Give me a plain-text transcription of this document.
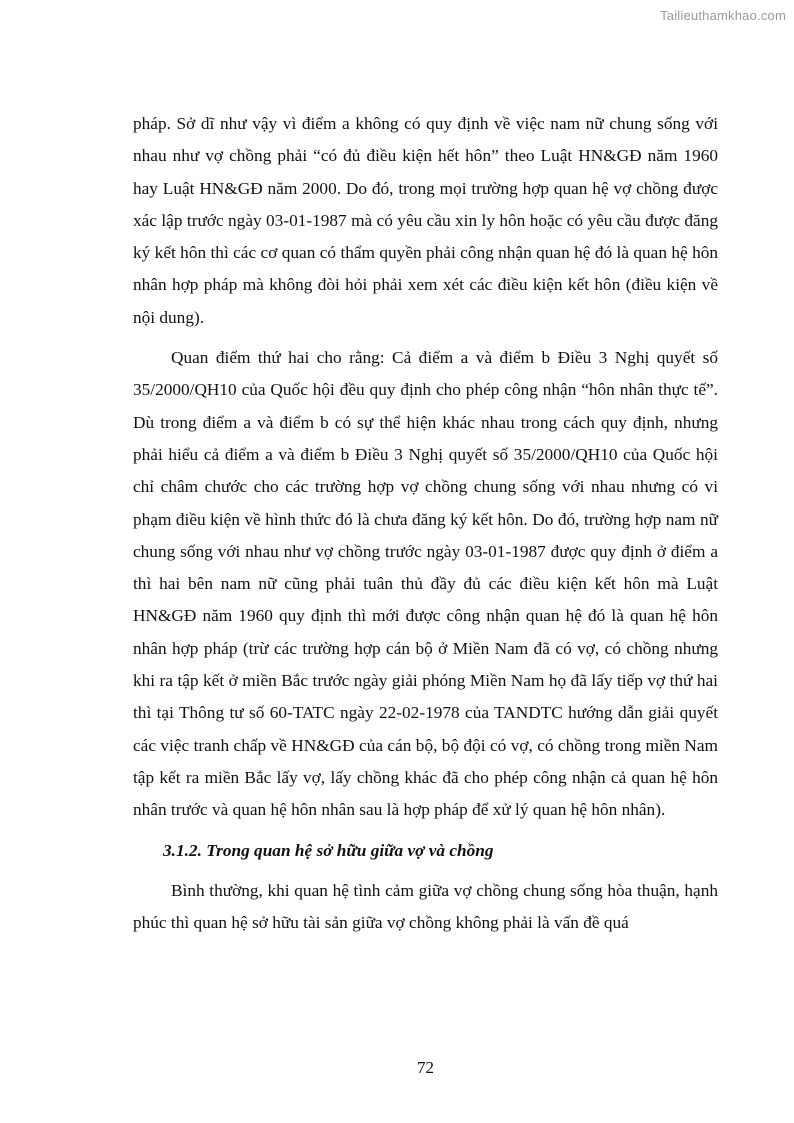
Tailieuthamkhao.com

pháp. Sở dĩ như vậy vì điểm a không có quy định về việc nam nữ chung sống với nhau như vợ chồng phải “có đủ điều kiện hết hôn” theo Luật HN&GĐ năm 1960 hay Luật HN&GĐ năm 2000. Do đó, trong mọi trường hợp quan hệ vợ chồng được xác lập trước ngày 03-01-1987 mà có yêu cầu xin ly hôn hoặc có yêu cầu được đăng ký kết hôn thì các cơ quan có thẩm quyền phải công nhận quan hệ đó là quan hệ hôn nhân hợp pháp mà không đòi hỏi phải xem xét các điều kiện kết hôn (điều kiện về nội dung).

Quan điểm thứ hai cho rằng: Cả điểm a và điểm b Điều 3 Nghị quyết số 35/2000/QH10 của Quốc hội đều quy định cho phép công nhận “hôn nhân thực tế”. Dù trong điểm a và điểm b có sự thể hiện khác nhau trong cách quy định, nhưng phải hiểu cả điểm a và điểm b Điều 3 Nghị quyết số 35/2000/QH10 của Quốc hội chỉ châm chước cho các trường hợp vợ chồng chung sống với nhau nhưng có vi phạm điều kiện về hình thức đó là chưa đăng ký kết hôn. Do đó, trường hợp nam nữ chung sống với nhau như vợ chồng trước ngày 03-01-1987 được quy định ở điểm a thì hai bên nam nữ cũng phải tuân thủ đầy đủ các điều kiện kết hôn mà Luật HN&GĐ năm 1960 quy định thì mới được công nhận quan hệ đó là quan hệ hôn nhân hợp pháp (trừ các trường hợp cán bộ ở Miền Nam đã có vợ, có chồng nhưng khi ra tập kết ở miền Bắc trước ngày giải phóng Miền Nam họ đã lấy tiếp vợ thứ hai thì tại Thông tư số 60-TATC ngày 22-02-1978 của TANDTC hướng dẫn giải quyết các việc tranh chấp về HN&GĐ của cán bộ, bộ đội có vợ, có chồng trong miền Nam tập kết ra miền Bắc lấy vợ, lấy chồng khác đã cho phép công nhận cả quan hệ hôn nhân trước và quan hệ hôn nhân sau là hợp pháp để xử lý quan hệ hôn nhân).

3.1.2. Trong quan hệ sở hữu giữa vợ và chồng

Bình thường, khi quan hệ tình cảm giữa vợ chồng chung sống hòa thuận, hạnh phúc thì quan hệ sở hữu tài sản giữa vợ chồng không phải là vấn đề quá

72
